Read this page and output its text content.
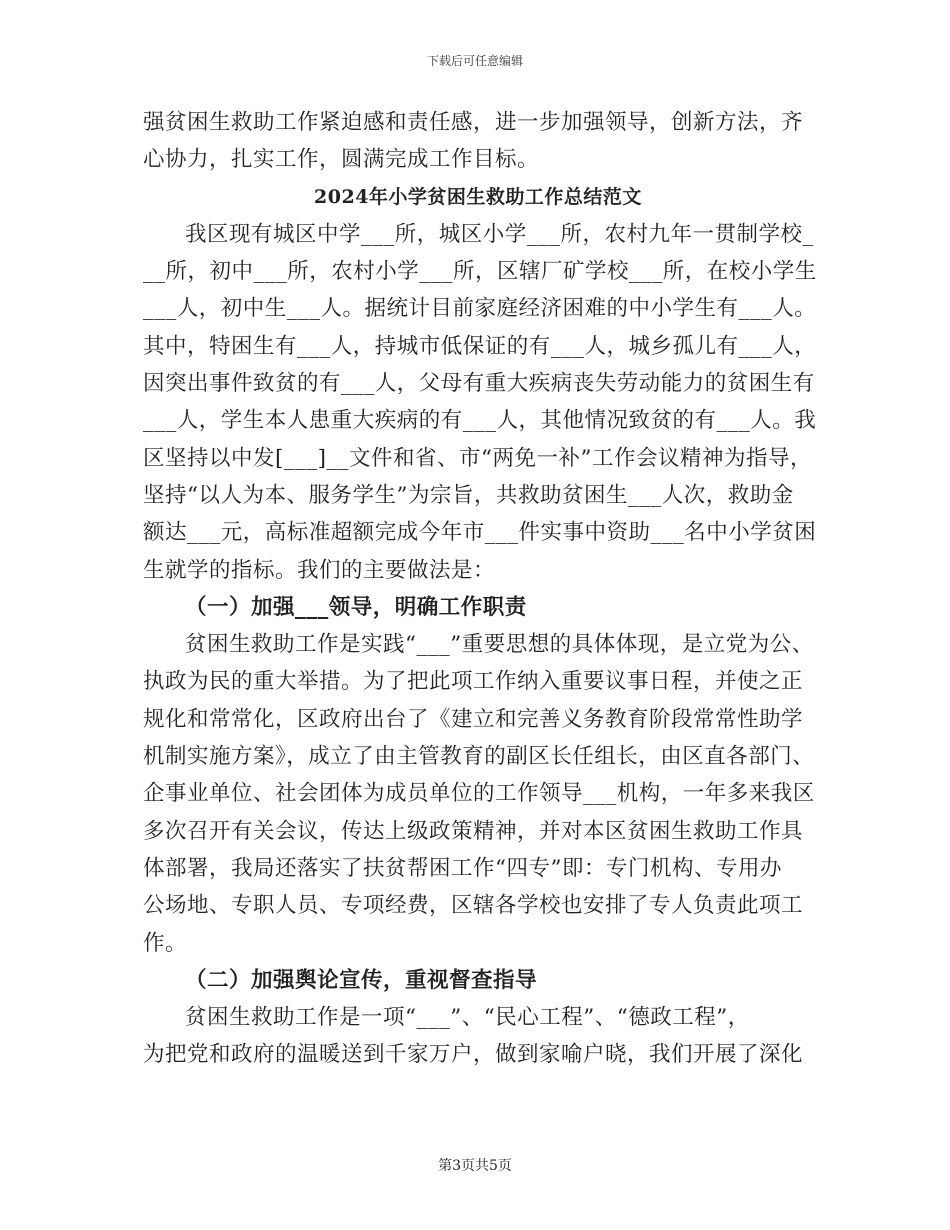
下载后可任意编辑
强贫困生救助工作紧迫感和责任感，进一步加强领导，创新方法，齐
心协力，扎实工作，圆满完成工作目标。
2024年小学贫困生救助工作总结范文
我区现有城区中学___所，城区小学___所，农村九年一贯制学校_
__所，初中___所，农村小学___所，区辖厂矿学校___所，在校小学生
___人，初中生___人。据统计目前家庭经济困难的中小学生有___人。
其中，特困生有___人，持城市低保证的有___人，城乡孤儿有___人，
因突出事件致贫的有___人，父母有重大疾病丧失劳动能力的贫困生有
___人，学生本人患重大疾病的有___人，其他情况致贫的有___人。我
区坚持以中发[___]__文件和省、市“两免一补”工作会议精神为指导，
坚持“以人为本、服务学生”为宗旨，共救助贫困生___人次，救助金
额达___元，高标准超额完成今年市___件实事中资助___名中小学贫困
生就学的指标。我们的主要做法是：
（一）加强___领导，明确工作职责
贫困生救助工作是实践“___”重要思想的具体体现，是立党为公、
执政为民的重大举措。为了把此项工作纳入重要议事日程，并使之正
规化和常常化，区政府出台了《建立和完善义务教育阶段常常性助学
机制实施方案》，成立了由主管教育的副区长任组长，由区直各部门、
企事业单位、社会团体为成员单位的工作领导___机构，一年多来我区
多次召开有关会议，传达上级政策精神，并对本区贫困生救助工作具
体部署，我局还落实了扶贫帮困工作“四专”即：专门机构、专用办
公场地、专职人员、专项经费，区辖各学校也安排了专人负责此项工
作。
（二）加强舆论宣传，重视督查指导
贫困生救助工作是一项“___”、“民心工程”、“德政工程”，
为把党和政府的温暖送到千家万户，做到家喻户晓，我们开展了深化
第3页共5页
